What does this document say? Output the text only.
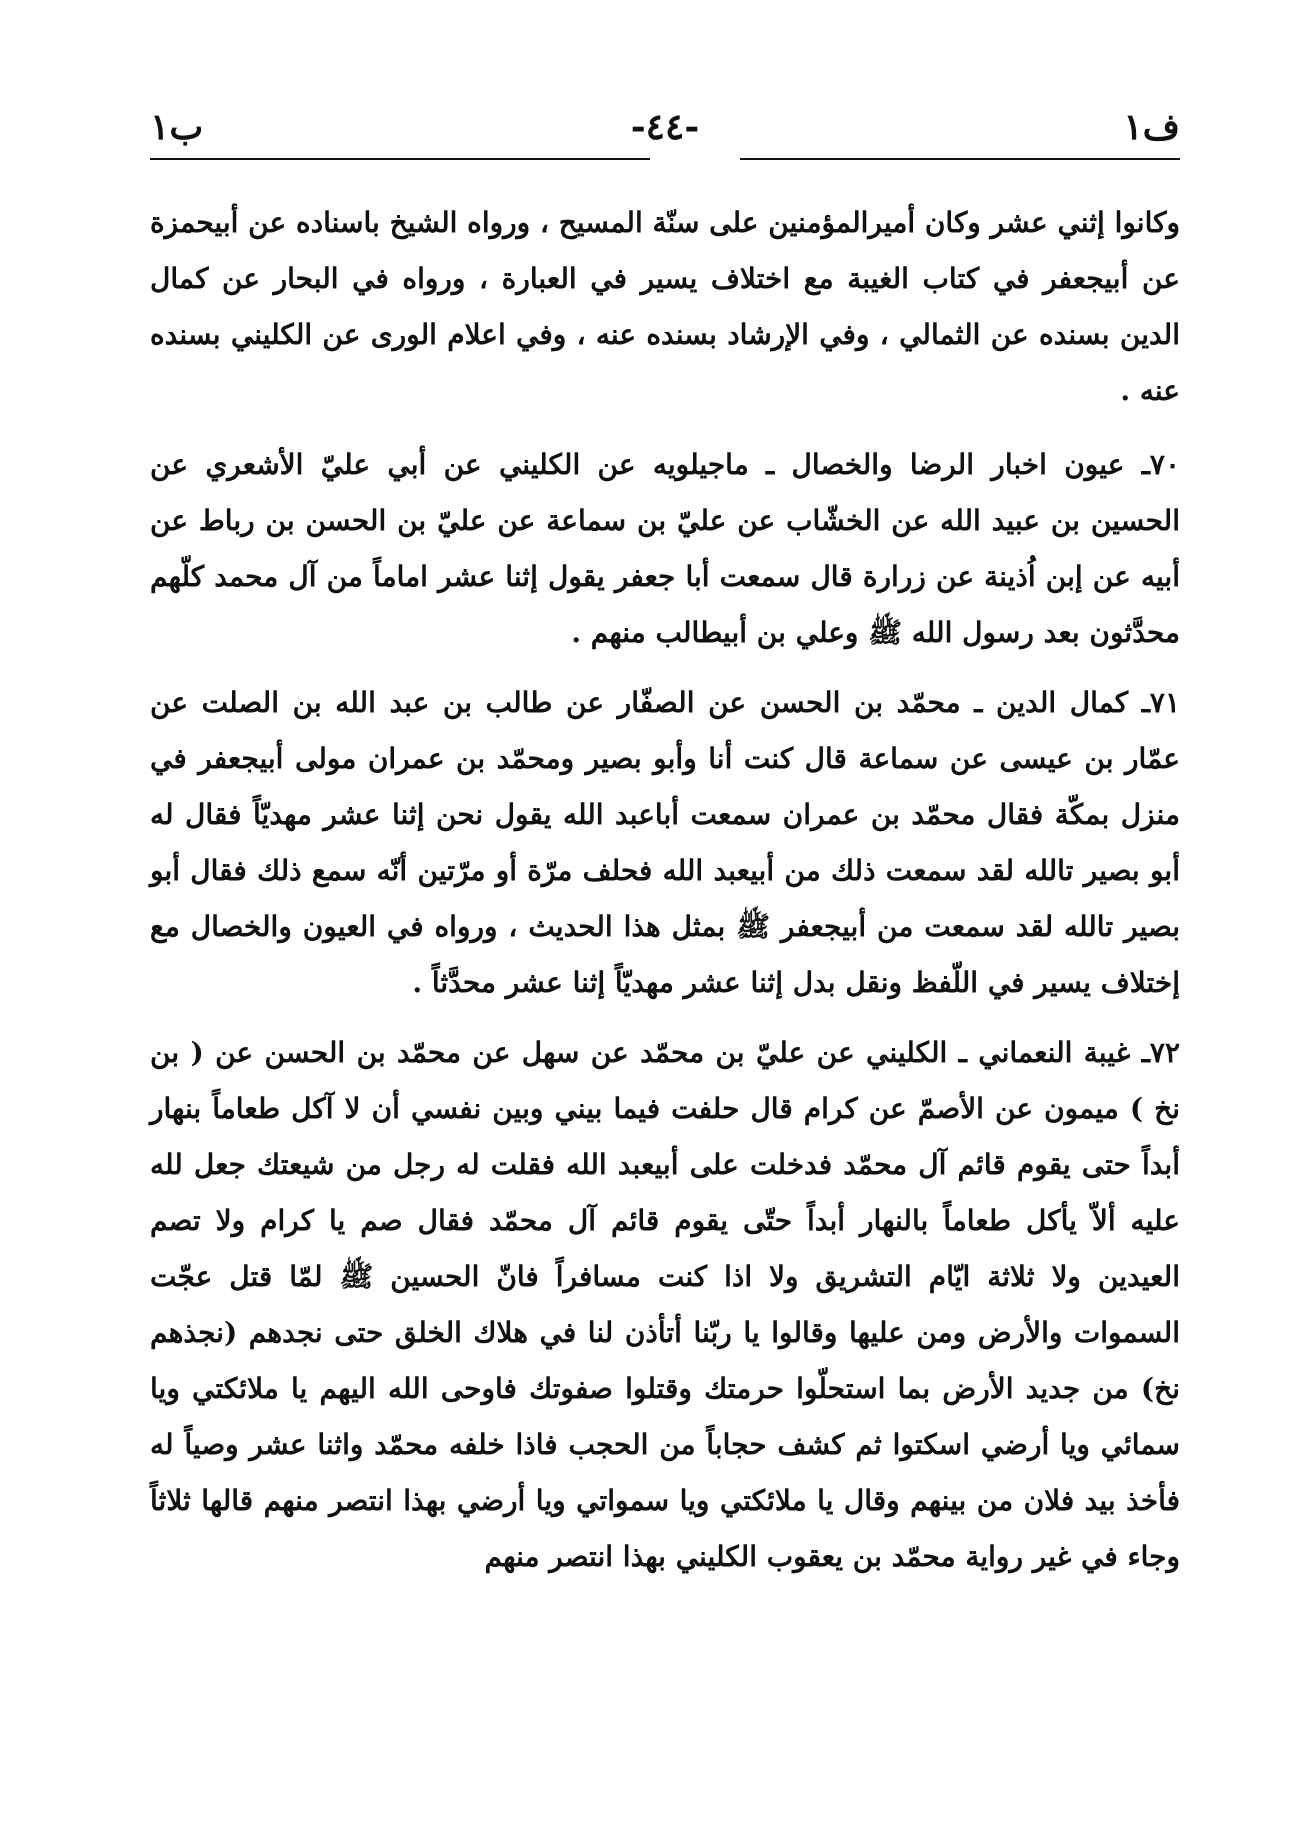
ف١
-٤٤-
ب١

وكانوا إثني عشر وكان أميرالمؤمنين على سنّة المسيح ، ورواه الشيخ باسناده عن أبيحمزة عن أبيجعفر في كتاب الغيبة مع اختلاف يسير في العبارة ، ورواه في البحار عن كمال الدين بسنده عن الثمالي ، وفي الإرشاد بسنده عنه ، وفي اعلام الورى عن الكليني بسنده عنه .

٧٠ـ عيون اخبار الرضا والخصال ـ ماجيلويه عن الكليني عن أبي عليّ الأشعري عن الحسين بن عبيد الله عن الخشّاب عن عليّ بن سماعة عن عليّ بن الحسن بن رباط عن أبيه عن إبن اُذينة عن زرارة قال سمعت أبا جعفر يقول إثنا عشر اماماً من آل محمد كلّهم محدَّثون بعد رسول الله ﷺ وعلي بن أبيطالب منهم .

٧١ـ كمال الدين ـ محمّد بن الحسن عن الصفّار عن طالب بن عبد الله بن الصلت عن عمّار بن عيسى عن سماعة قال كنت أنا وأبو بصير ومحمّد بن عمران مولى أبيجعفر في منزل بمكّة فقال محمّد بن عمران سمعت أباعبد الله يقول نحن إثنا عشر مهديّاً فقال له أبو بصير تالله لقد سمعت ذلك من أبيعبد الله فحلف مرّة أو مرّتين أنّه سمع ذلك فقال أبو بصير تالله لقد سمعت من أبيجعفر ﷺ بمثل هذا الحديث ، ورواه في العيون والخصال مع إختلاف يسير في اللّفظ ونقل بدل إثنا عشر مهديّاً إثنا عشر محدَّثاً .

٧٢ـ غيبة النعماني ـ الكليني عن عليّ بن محمّد عن سهل عن محمّد بن الحسن عن ( بن نخ ) ميمون عن الأصمّ عن كرام قال حلفت فيما بيني وبين نفسي أن لا آكل طعاماً بنهار أبداً حتى يقوم قائم آل محمّد فدخلت على أبيعبد الله فقلت له رجل من شيعتك جعل لله عليه ألاّ يأكل طعاماً بالنهار أبداً حتّى يقوم قائم آل محمّد فقال صم يا كرام ولا تصم العيدين ولا ثلاثة ايّام التشريق ولا اذا كنت مسافراً فانّ الحسين ﷺ لمّا قتل عجّت السموات والأرض ومن عليها وقالوا يا ربّنا أتأذن لنا في هلاك الخلق حتى نجدهم (نجذهم نخ) من جديد الأرض بما استحلّوا حرمتك وقتلوا صفوتك فاوحى الله اليهم يا ملائكتي ويا سمائي ويا أرضي اسكتوا ثم كشف حجاباً من الحجب فاذا خلفه محمّد واثنا عشر وصياً له فأخذ بيد فلان من بينهم وقال يا ملائكتي ويا سمواتي ويا أرضي بهذا انتصر منهم قالها ثلاثاً وجاء في غير رواية محمّد بن يعقوب الكليني بهذا انتصر منهم
